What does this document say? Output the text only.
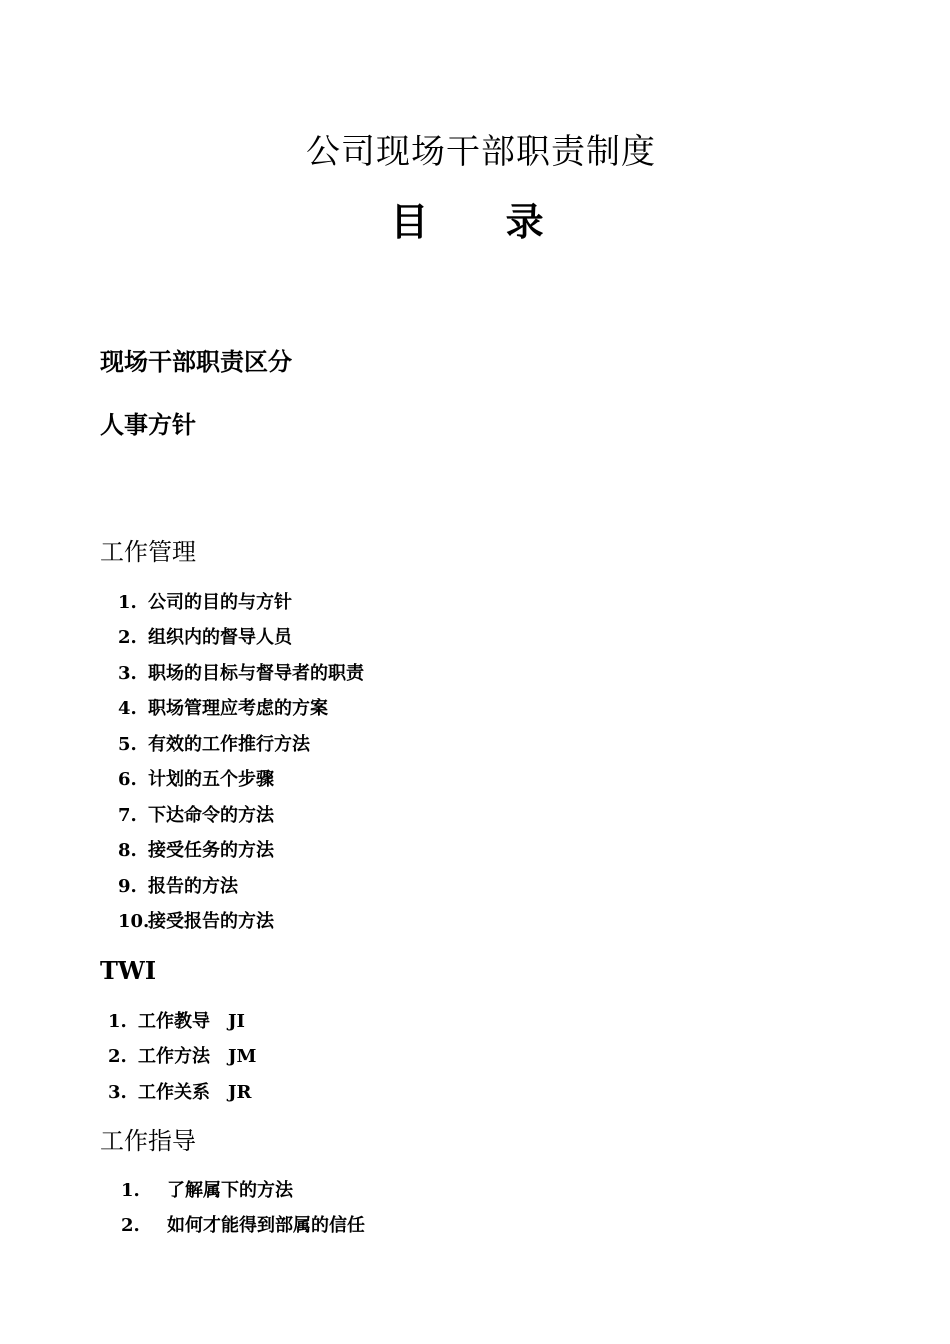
公司现场干部职责制度
目 录
现场干部职责区分
人事方针
工作管理
1. 公司的目的与方针
2. 组织内的督导人员
3. 职场的目标与督导者的职责
4. 职场管理应考虑的方案
5. 有效的工作推行方法
6. 计划的五个步骤
7. 下达命令的方法
8. 接受任务的方法
9. 报告的方法
10.接受报告的方法
TWI
1. 工作教导 JI
2. 工作方法 JM
3. 工作关系 JR
工作指导
1. 了解属下的方法
2. 如何才能得到部属的信任
